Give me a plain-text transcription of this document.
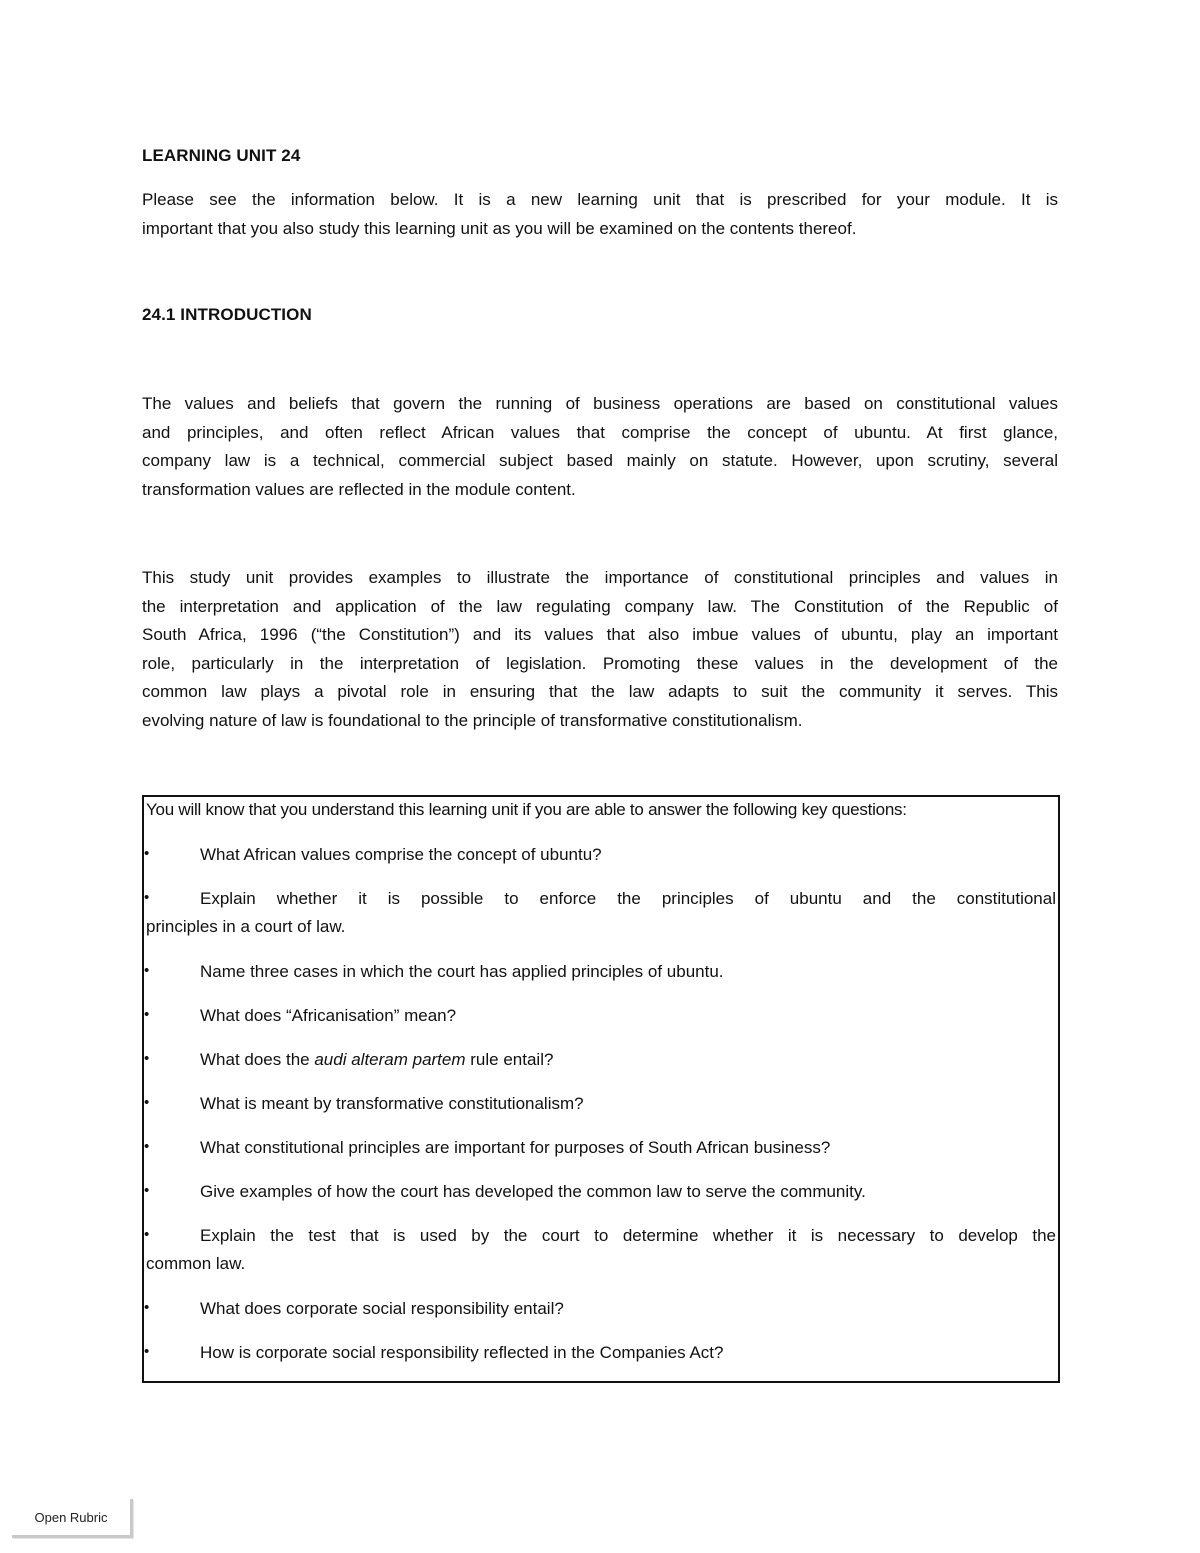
LEARNING UNIT 24
Please see the information below. It is a new learning unit that is prescribed for your module. It is
important that you also study this learning unit as you will be examined on the contents thereof.
24.1 INTRODUCTION
The values and beliefs that govern the running of business operations are based on constitutional values
and principles, and often reflect African values that comprise the concept of ubuntu. At first glance,
company law is a technical, commercial subject based mainly on statute. However, upon scrutiny, several
transformation values are reflected in the module content.
This study unit provides examples to illustrate the importance of constitutional principles and values in
the interpretation and application of the law regulating company law. The Constitution of the Republic of
South Africa, 1996 (“the Constitution”) and its values that also imbue values of ubuntu, play an important
role, particularly in the interpretation of legislation. Promoting these values in the development of the
common law plays a pivotal role in ensuring that the law adapts to suit the community it serves. This
evolving nature of law is foundational to the principle of transformative constitutionalism.
You will know that you understand this learning unit if you are able to answer the following key questions:
•	What African values comprise the concept of ubuntu?
•	Explain whether it is possible to enforce the principles of ubuntu and the constitutional
principles in a court of law.
•	Name three cases in which the court has applied principles of ubuntu.
•	What does “Africanisation” mean?
•	What does the audi alteram partem rule entail?
•	What is meant by transformative constitutionalism?
•	What constitutional principles are important for purposes of South African business?
•	Give examples of how the court has developed the common law to serve the community.
•	Explain the test that is used by the court to determine whether it is necessary to develop the
common law.
•	What does corporate social responsibility entail?
•	How is corporate social responsibility reflected in the Companies Act?
Open Rubric
